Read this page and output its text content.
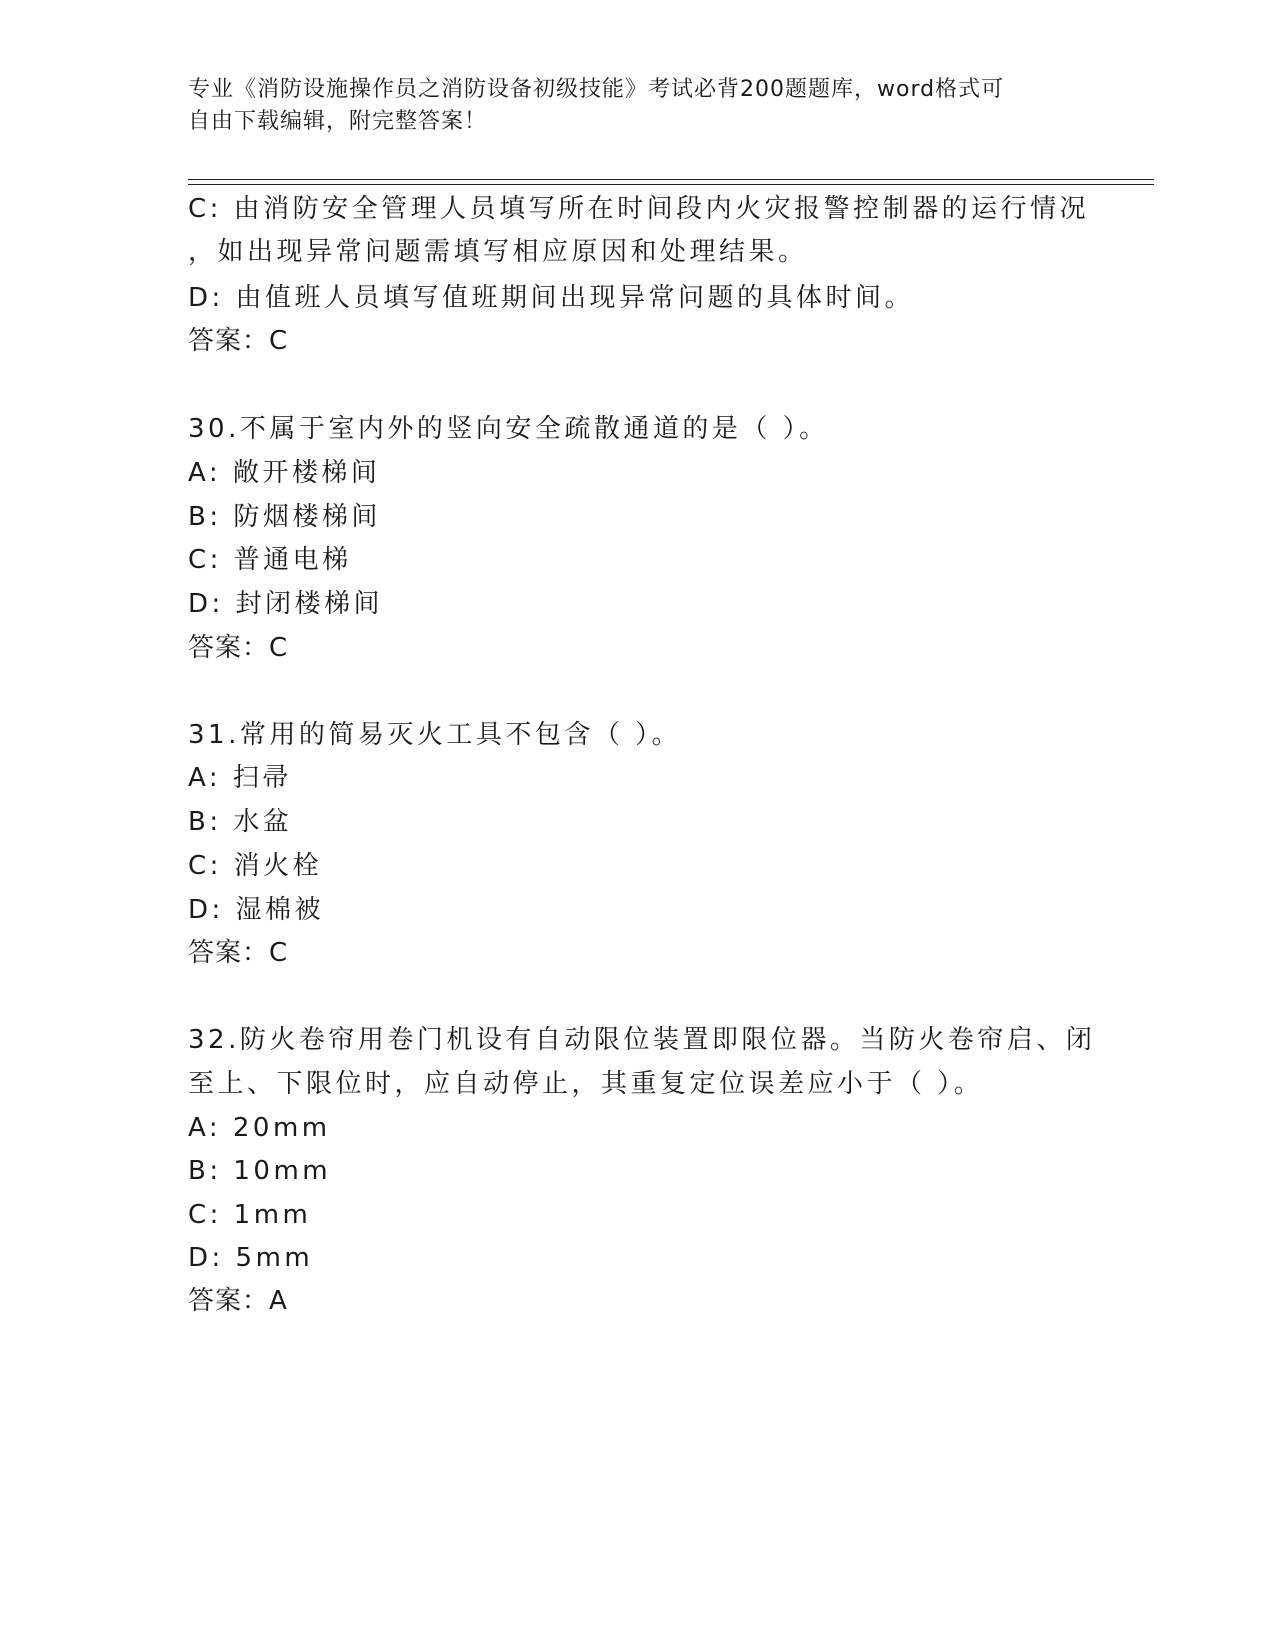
专业《消防设施操作员之消防设备初级技能》考试必背200题题库，word格式可
自由下载编辑，附完整答案！
C: 由消防安全管理人员填写所在时间段内火灾报警控制器的运行情况
，如出现异常问题需填写相应原因和处理结果。
D: 由值班人员填写值班期间出现异常问题的具体时间。
答案：C
30.不属于室内外的竖向安全疏散通道的是（ ）。
A: 敞开楼梯间
B: 防烟楼梯间
C: 普通电梯
D: 封闭楼梯间
答案：C
31.常用的简易灭火工具不包含（ ）。
A: 扫帚
B: 水盆
C: 消火栓
D: 湿棉被
答案：C
32.防火卷帘用卷门机设有自动限位装置即限位器。当防火卷帘启、闭
至上、下限位时，应自动停止，其重复定位误差应小于（ ）。
A: 20mm
B: 10mm
C: 1mm
D: 5mm
答案：A
